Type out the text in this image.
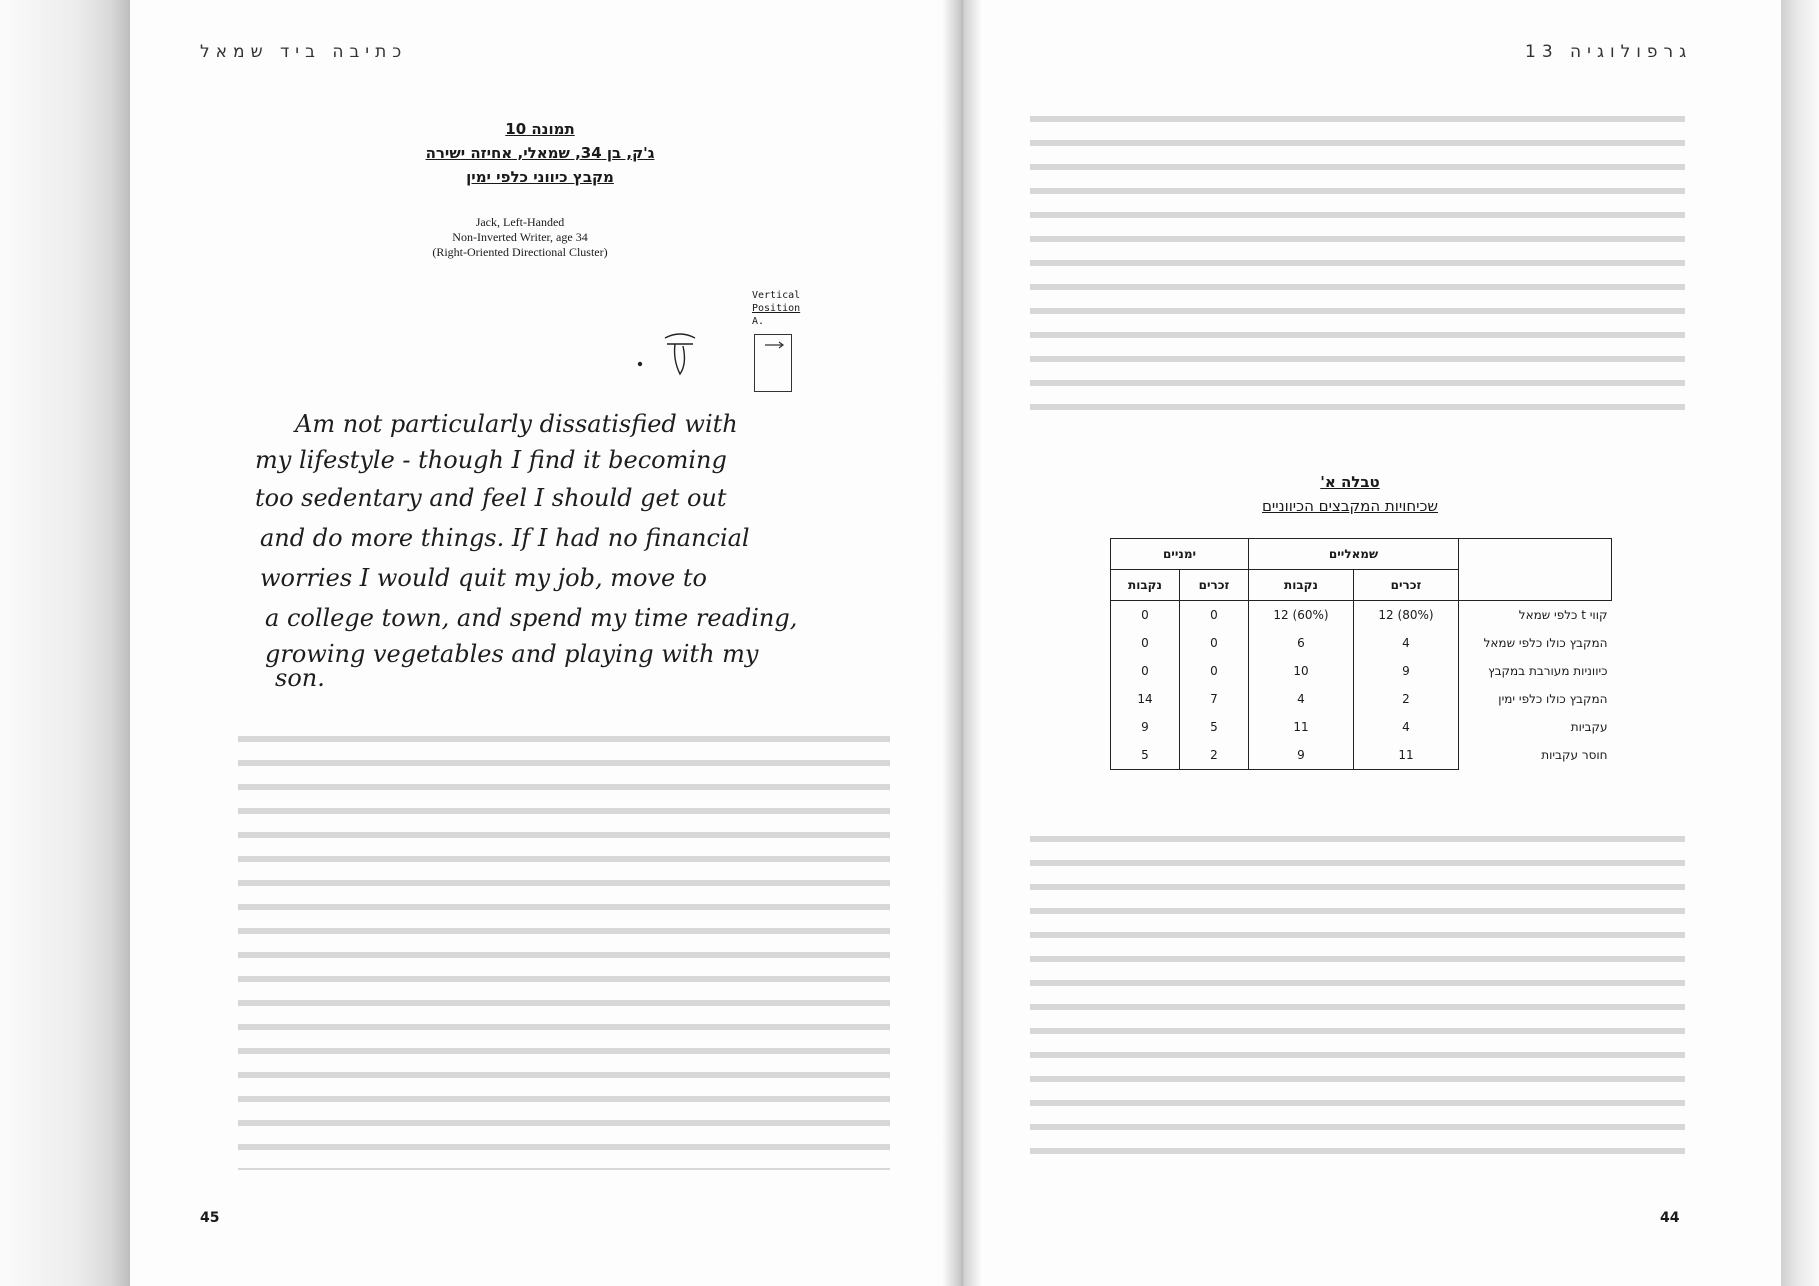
כתיבה ביד שמאל
תמונה 10
ג'ק, בן 34, שמאלי, אחיזה ישירה
מקבץ כיווני כלפי ימין
Jack, Left-Handed
Non-Inverted Writer, age 34
(Right-Oriented Directional Cluster)
Vertical
Position
A.
Am not particularly dissatisfied with
my lifestyle - though I find it becoming
too sedentary and feel I should get out
and do more things. If I had no financial
worries I would quit my job, move to
a college town, and spend my time reading,
growing vegetables and playing with my
son.
45
גרפולוגיה 13
טבלה א'
שכיחויות המקבצים הכיווניים
	שמאליים		ימניים	
	זכרים	נקבות	זכרים	נקבות
קווי t כלפי שמאל	(80%) 12	(60%) 12	0	0
המקבץ כולו כלפי שמאל	4	6	0	0
כיווניות מעורבת במקבץ	9	10	0	0
המקבץ כולו כלפי ימין	2	4	7	14
עקביות	4	11	5	9
חוסר עקביות	11	9	2	5
44
